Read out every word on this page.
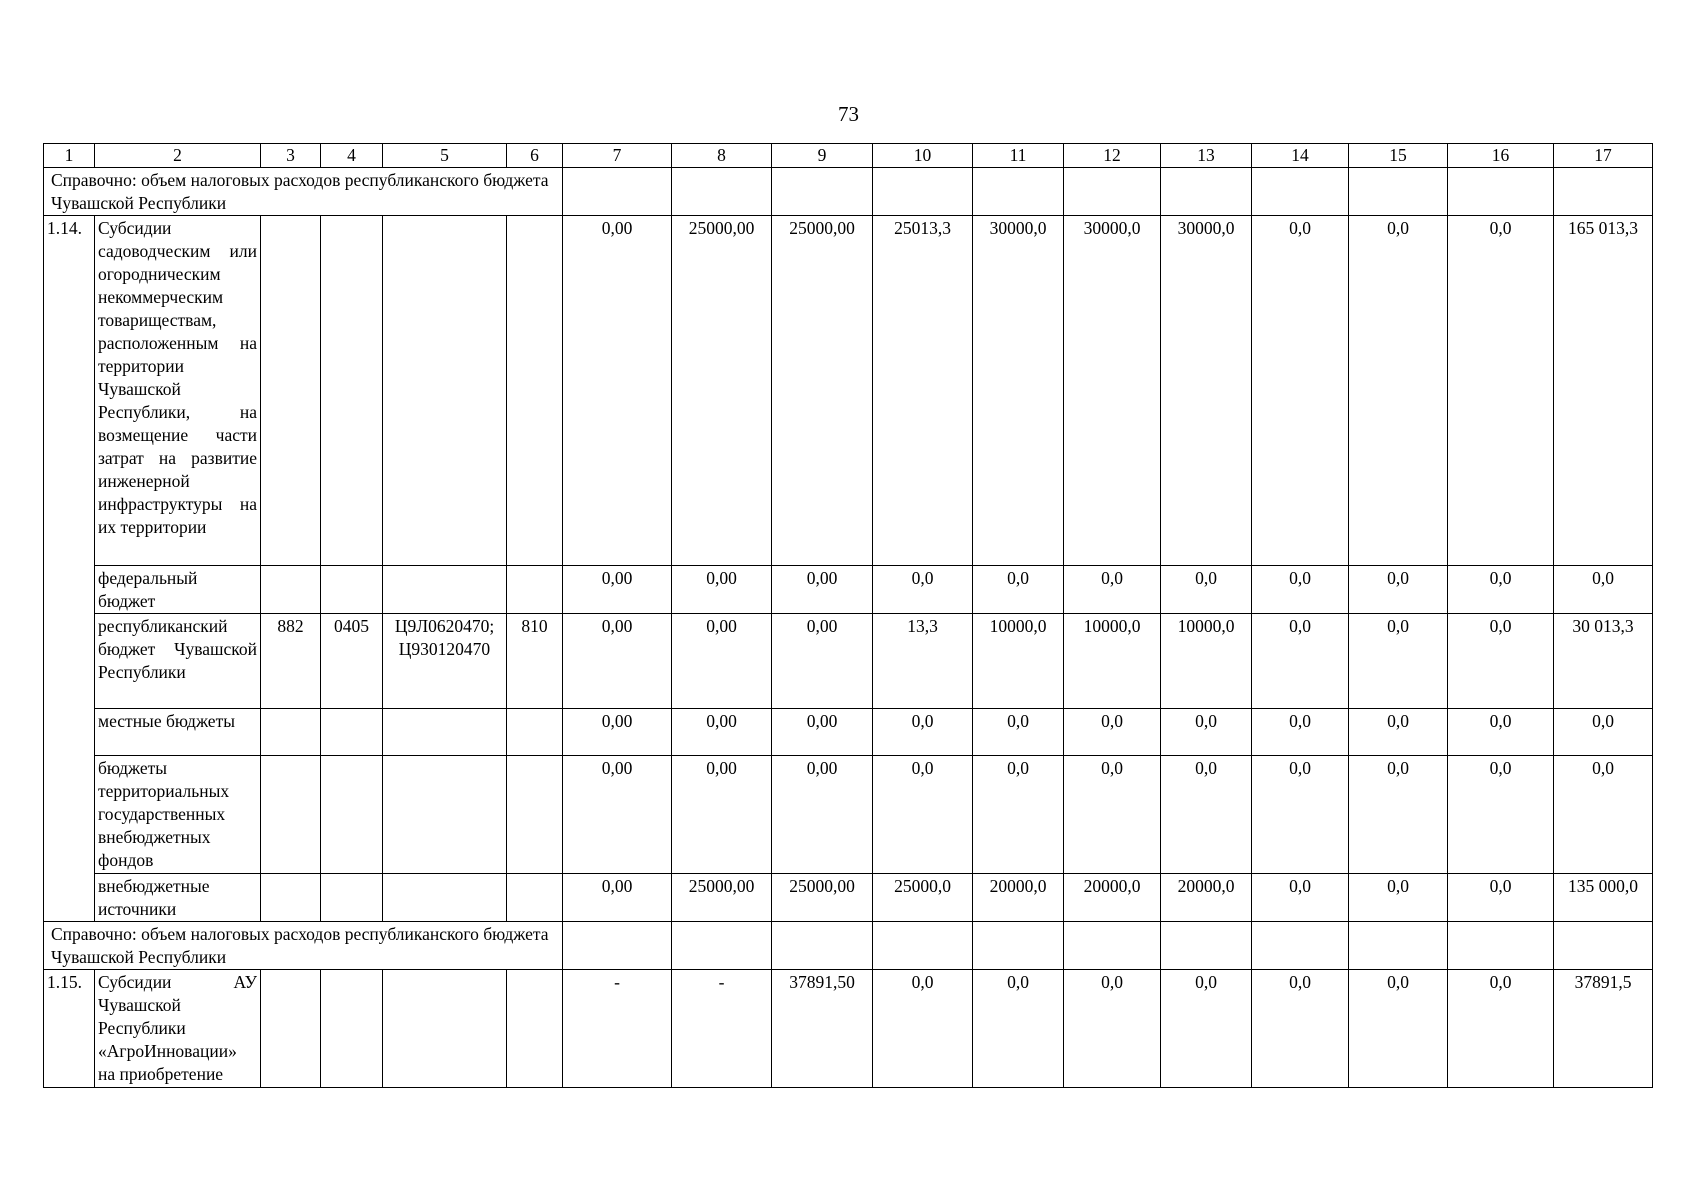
73
1	2	3	4	5	6	7	8	9	10	11	12	13	14	15	16	17
Справочно: объем налоговых расходов республиканского бюджета Чувашской Республики																
1.14.	Субсидии садоводческим или огородническим некоммерческим товариществам, расположенным на территории Чувашской Республики, на возмещение части затрат на развитие инженерной инфраструктуры на их территории					0,00	25000,00	25000,00	25013,3	30000,0	30000,0	30000,0	0,0	0,0	0,0	165 013,3
	федеральный бюджет					0,00	0,00	0,00	0,0	0,0	0,0	0,0	0,0	0,0	0,0	0,0
	республиканский бюджет Чувашской Республики	882	0405	Ц9Л0620470; Ц930120470	810	0,00	0,00	0,00	13,3	10000,0	10000,0	10000,0	0,0	0,0	0,0	30 013,3
	местные бюджеты					0,00	0,00	0,00	0,0	0,0	0,0	0,0	0,0	0,0	0,0	0,0
	бюджеты территориальных государственных внебюджетных фондов					0,00	0,00	0,00	0,0	0,0	0,0	0,0	0,0	0,0	0,0	0,0
	внебюджетные источники					0,00	25000,00	25000,00	25000,0	20000,0	20000,0	20000,0	0,0	0,0	0,0	135 000,0
Справочно: объем налоговых расходов республиканского бюджета Чувашской Республики																
1.15.	Субсидии АУ Чувашской Республики «АгроИнновации» на приобретение					-	-	37891,50	0,0	0,0	0,0	0,0	0,0	0,0	0,0	37891,5
